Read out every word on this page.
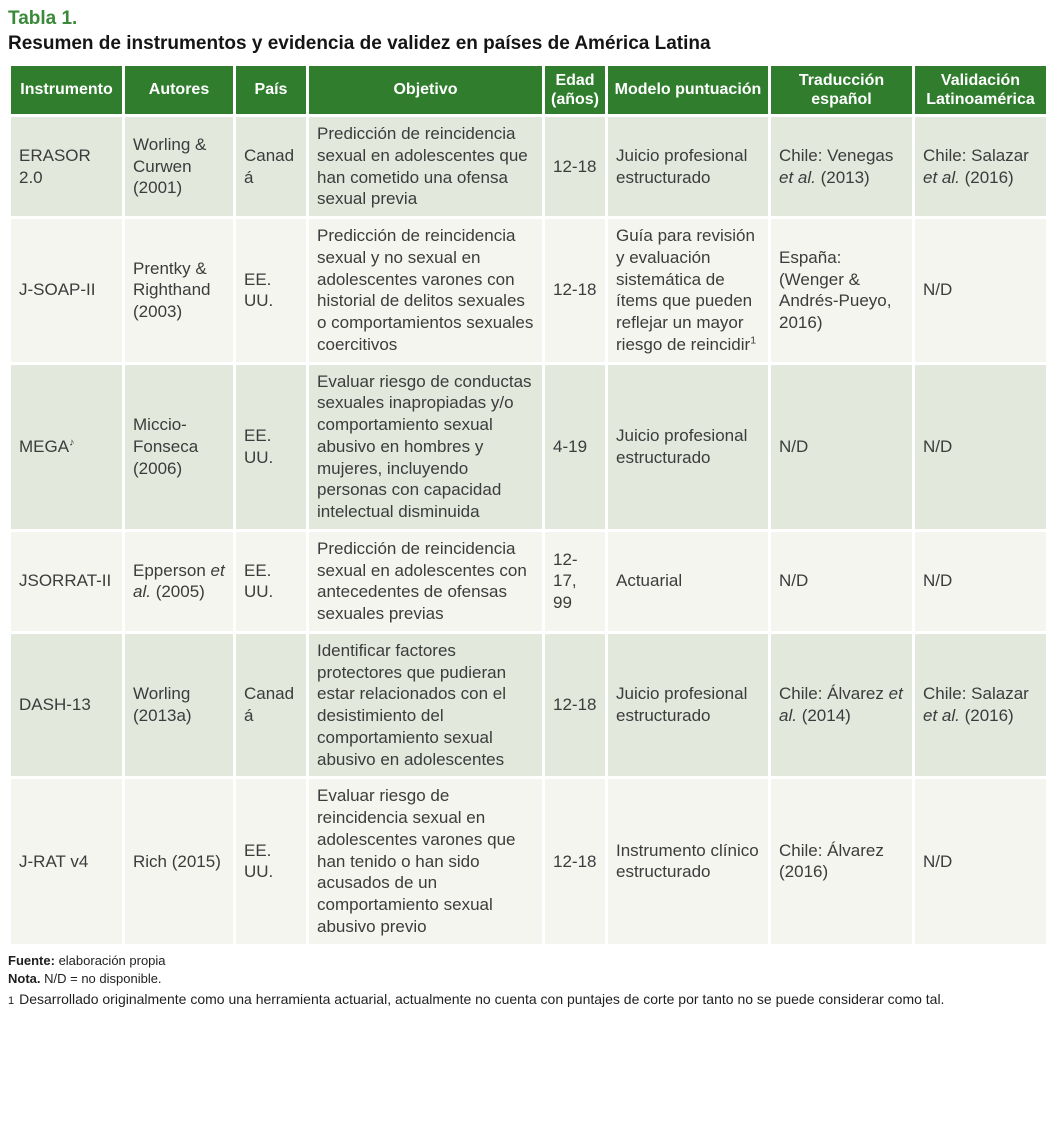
Tabla 1.
Resumen de instrumentos y evidencia de validez en países de América Latina
Instrumento	Autores	País	Objetivo	Edad (años)	Modelo puntuación	Traducción español	Validación Latinoamérica
ERASOR 2.0	Worling & Curwen (2001)	Canadá	Predicción de reincidencia sexual en adolescentes que han cometido una ofensa sexual previa	12-18	Juicio profesional estructurado	Chile: Venegas et al. (2013)	Chile: Salazar et al. (2016)
J-SOAP-II	Prentky & Righthand (2003)	EE. UU.	Predicción de reincidencia sexual y no sexual en adolescentes varones con historial de delitos sexuales o comportamientos sexuales coercitivos	12-18	Guía para revisión y evaluación sistemática de ítems que pueden reflejar un mayor riesgo de reincidir$^1$	España: (Wenger & Andrés-Pueyo, 2016)	N/D
MEGA♪	Miccio-Fonseca (2006)	EE. UU.	Evaluar riesgo de conductas sexuales inapropiadas y/o comportamiento sexual abusivo en hombres y mujeres, incluyendo personas con capacidad intelectual disminuida	4-19	Juicio profesional estructurado	N/D	N/D
JSORRAT-II	Epperson et al. (2005)	EE. UU.	Predicción de reincidencia sexual en adolescentes con antecedentes de ofensas sexuales previas	12-17, 99	Actuarial	N/D	N/D
DASH-13	Worling (2013a)	Canadá	Identificar factores protectores que pudieran estar relacionados con el desistimiento del comportamiento sexual abusivo en adolescentes	12-18	Juicio profesional estructurado	Chile: Álvarez et al. (2014)	Chile: Salazar et al. (2016)
J-RAT v4	Rich (2015)	EE. UU.	Evaluar riesgo de reincidencia sexual en adolescentes varones que han tenido o han sido acusados de un comportamiento sexual abusivo previo	12-18	Instrumento clínico estructurado	Chile: Álvarez (2016)	N/D
Fuente: elaboración propia
Nota. N/D = no disponible.
1 Desarrollado originalmente como una herramienta actuarial, actualmente no cuenta con puntajes de corte por tanto no se puede considerar como tal.
